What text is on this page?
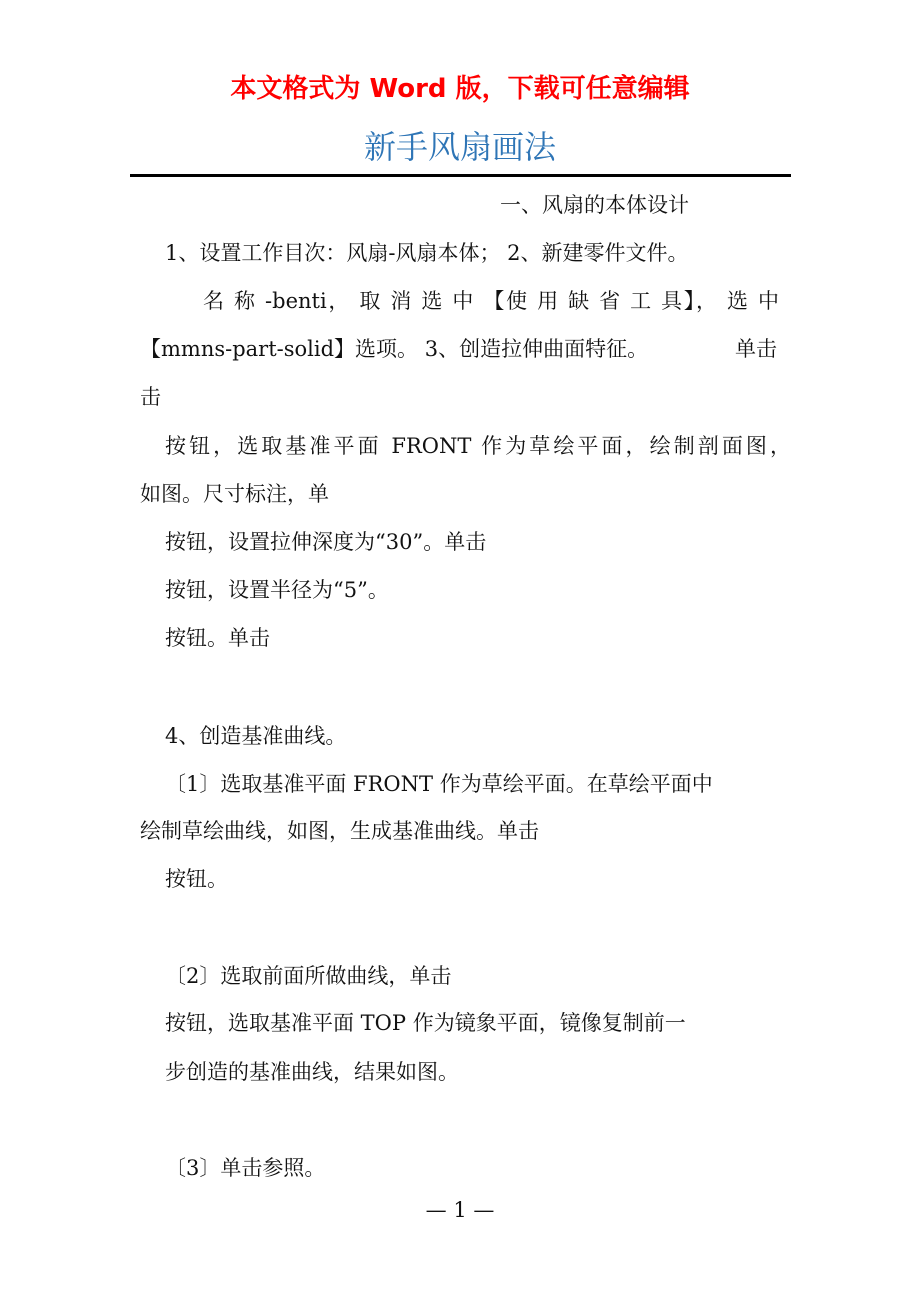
本文格式为 Word 版，下载可任意编辑
新手风扇画法
一、风扇的本体设计
1、设置工作目次：风扇-风扇本体； 2、新建零件文件。
名 称 -benti， 取 消 选 中 【使 用 缺 省 工 具】， 选 中
【mmns-part-solid】选项。 3、创造拉伸曲面特征。	单击
击
按钮，选取基准平面 FRONT 作为草绘平面，绘制剖面图，
如图。尺寸标注，单
按钮，设置拉伸深度为“30”。单击
按钮，设置半径为“5”。
按钮。单击
4、创造基准曲线。
〔1〕选取基准平面 FRONT 作为草绘平面。在草绘平面中
绘制草绘曲线，如图，生成基准曲线。单击
按钮。
〔2〕选取前面所做曲线，单击
按钮，选取基准平面 TOP 作为镜象平面，镜像复制前一
步创造的基准曲线，结果如图。
〔3〕单击参照。
— 1 —
